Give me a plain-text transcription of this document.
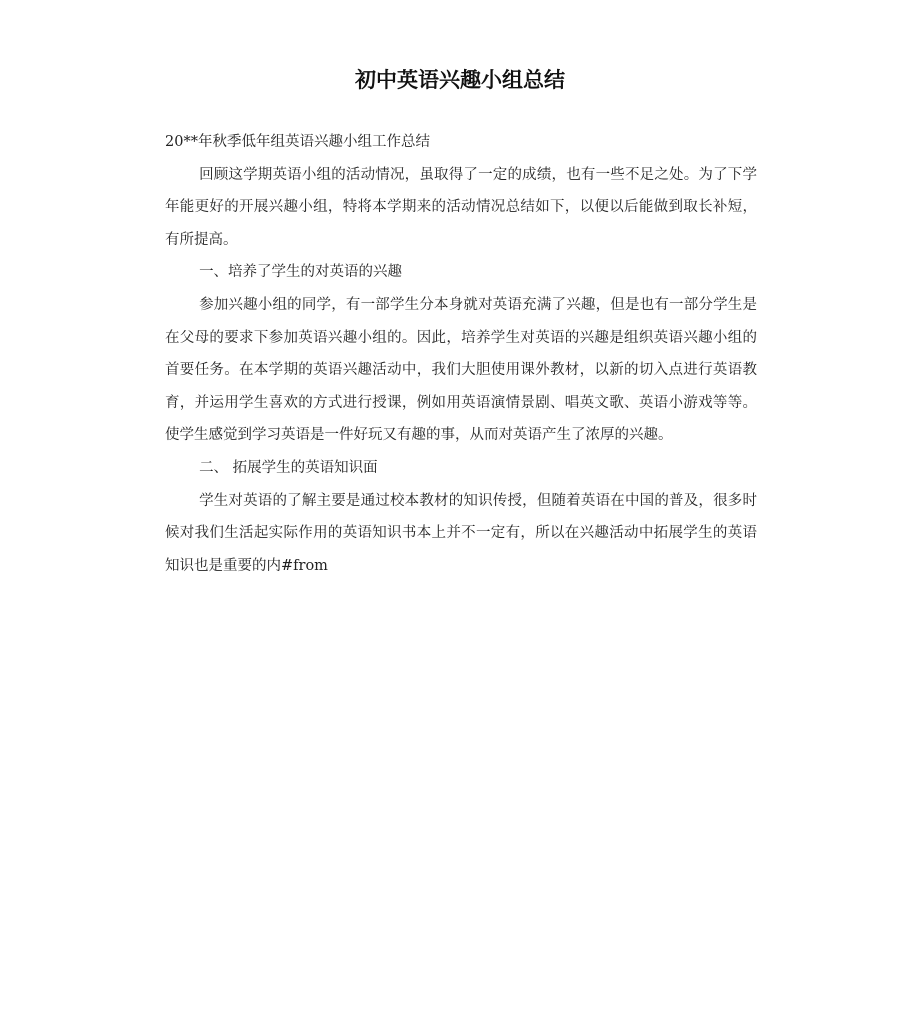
初中英语兴趣小组总结

20**年秋季低年组英语兴趣小组工作总结

回顾这学期英语小组的活动情况，虽取得了一定的成绩，也有一些不足之处。为了下学年能更好的开展兴趣小组，特将本学期来的活动情况总结如下，以便以后能做到取长补短，有所提高。

一、培养了学生的对英语的兴趣

参加兴趣小组的同学，有一部学生分本身就对英语充满了兴趣，但是也有一部分学生是在父母的要求下参加英语兴趣小组的。因此，培养学生对英语的兴趣是组织英语兴趣小组的首要任务。在本学期的英语兴趣活动中，我们大胆使用课外教材，以新的切入点进行英语教育，并运用学生喜欢的方式进行授课，例如用英语演情景剧、唱英文歌、英语小游戏等等。使学生感觉到学习英语是一件好玩又有趣的事，从而对英语产生了浓厚的兴趣。

二、 拓展学生的英语知识面

学生对英语的了解主要是通过校本教材的知识传授，但随着英语在中国的普及，很多时候对我们生活起实际作用的英语知识书本上并不一定有，所以在兴趣活动中拓展学生的英语知识也是重要的内#from
